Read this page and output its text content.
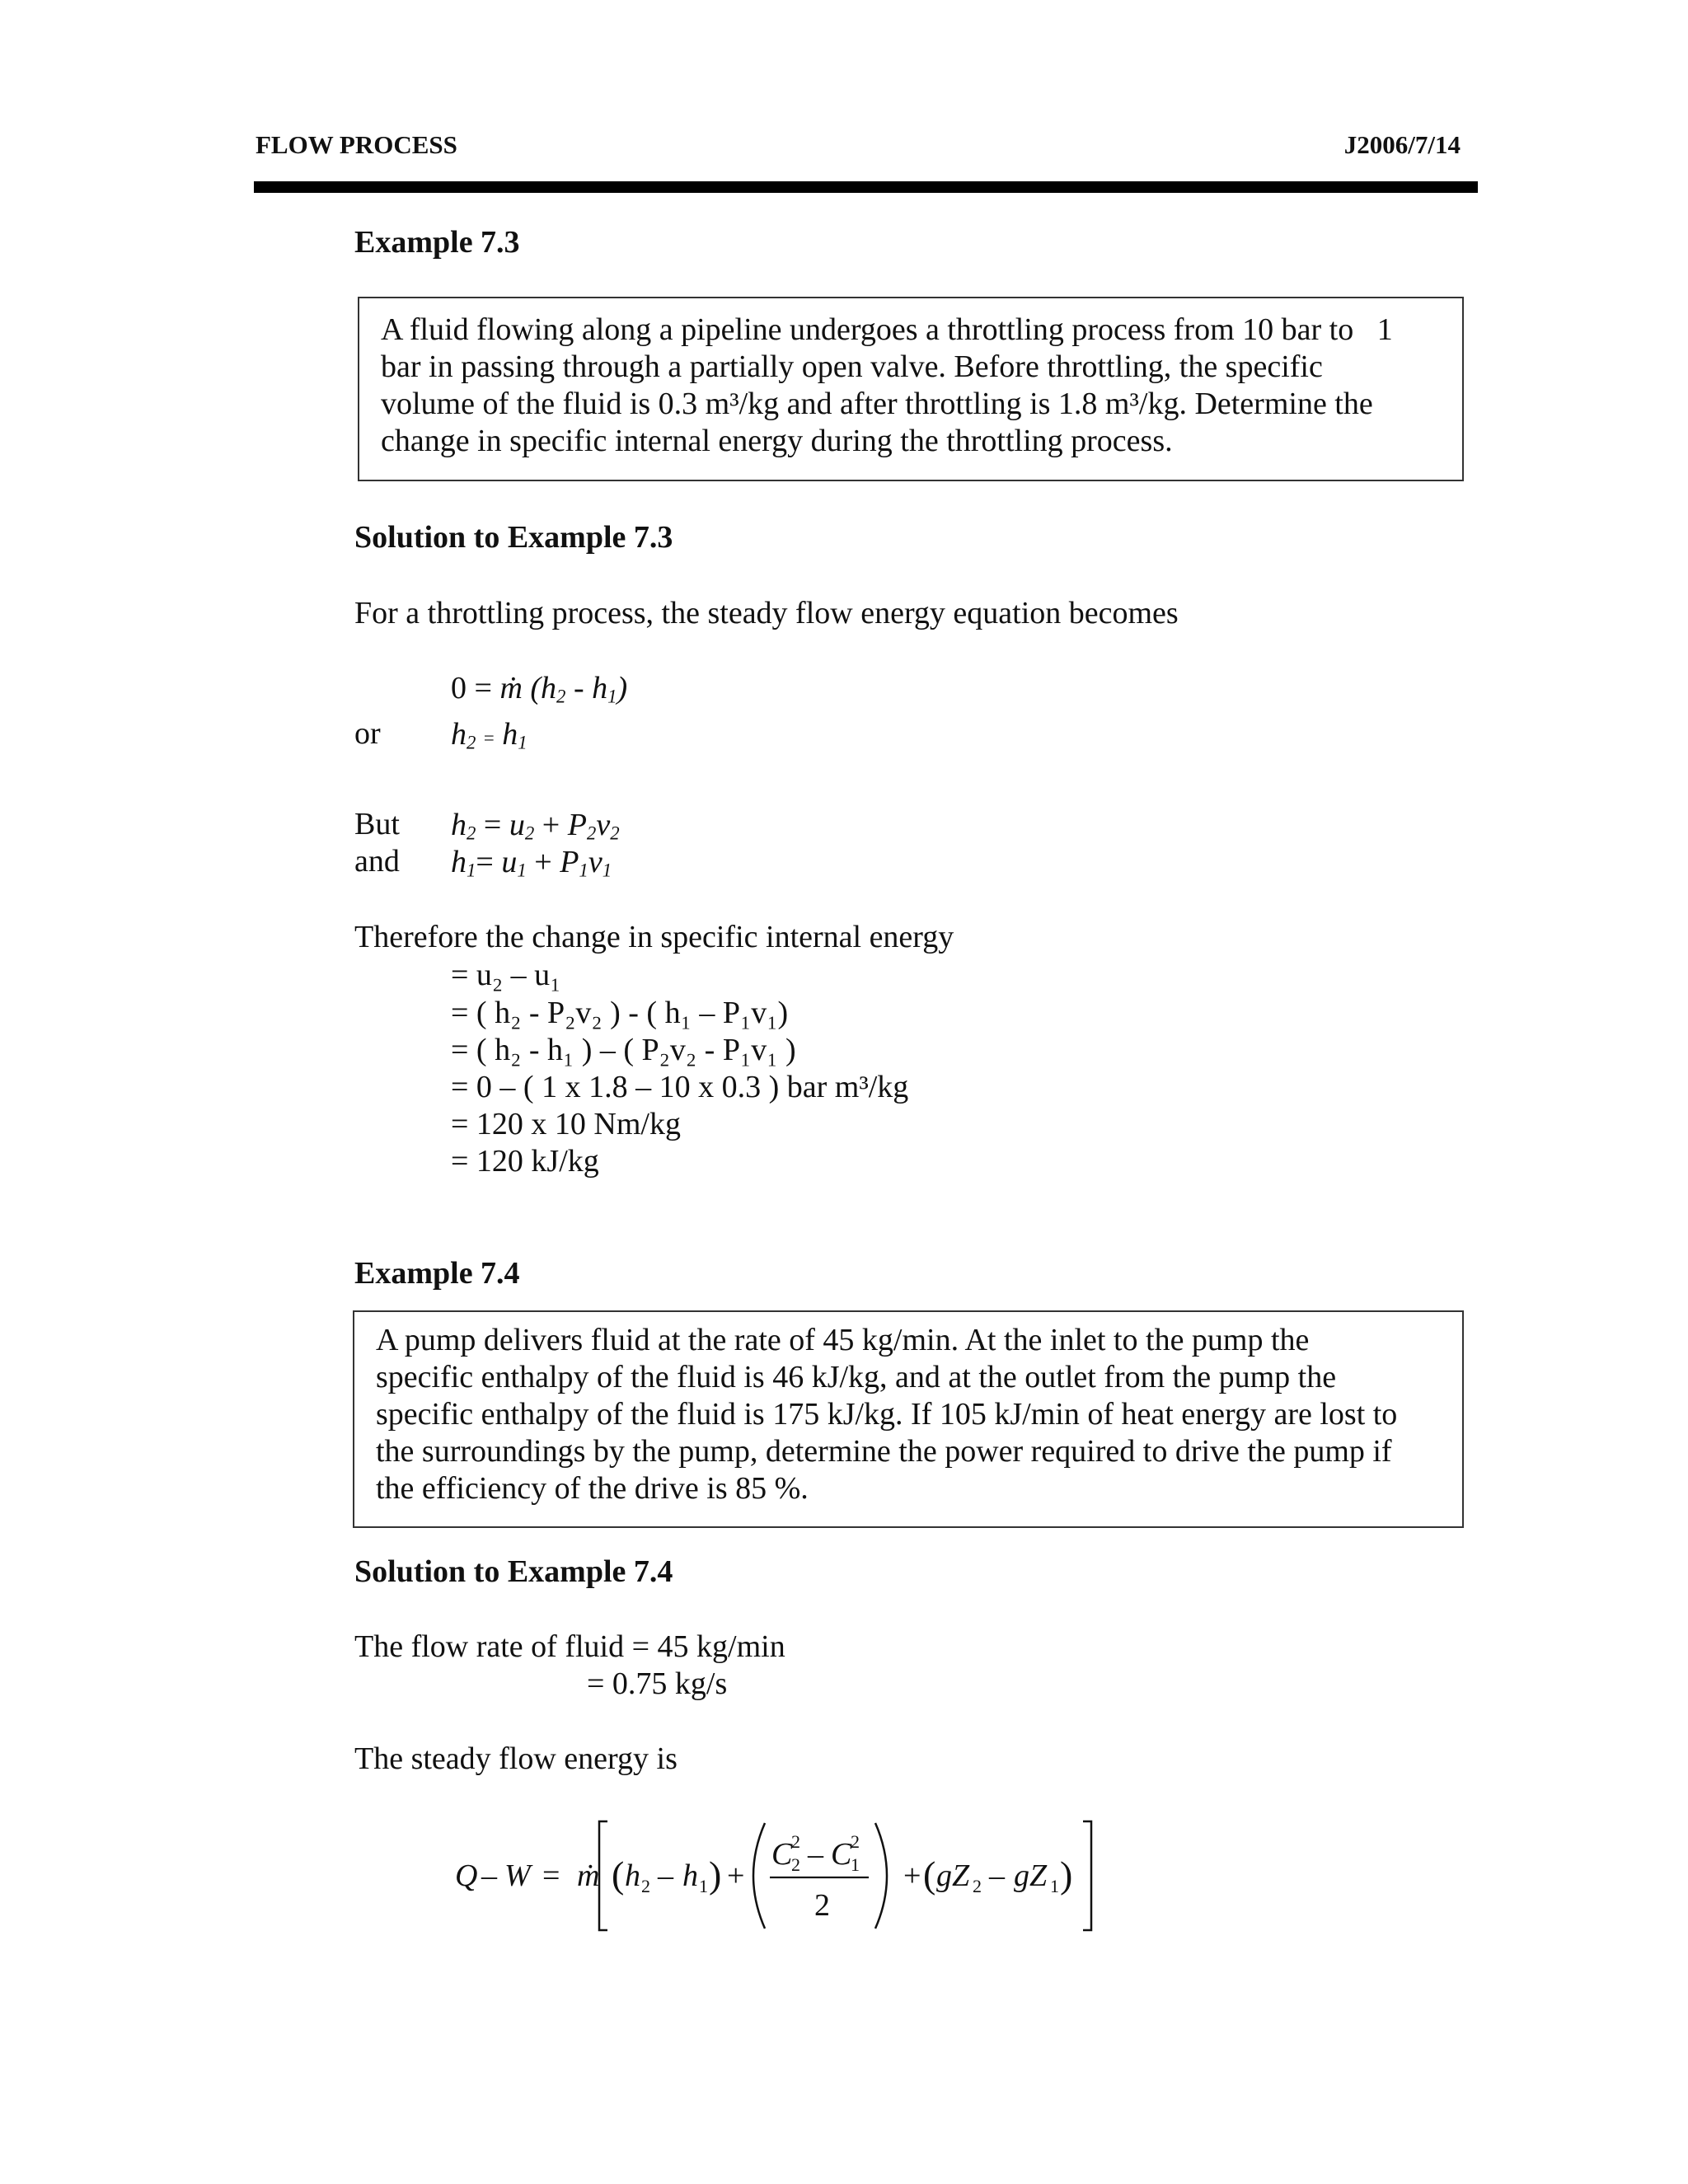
FLOW PROCESS	J2006/7/14
Example 7.3
A fluid flowing along a pipeline undergoes a throttling process from 10 bar to   1
bar in passing through a partially open valve. Before throttling, the specific
volume of the fluid is 0.3 m³/kg and after throttling is 1.8 m³/kg. Determine the
change in specific internal energy during the throttling process.
Solution to Example 7.3
For a throttling process, the steady flow energy equation becomes
0 = ṁ $(h_2 - h_1)$
or $h_2 = h_1$
But $h_2 = u_2 + P_2v_2$
and $h_1= u_1 + P_1v_1$
Therefore the change in specific internal energy
= u₂ – u₁
= ( h₂ - P₂v₂ ) - ( h₁ – P₁v₁)
= ( h₂ - h₁ ) – ( P₂v₂ - P₁v₁ )
= 0 – ( 1 x 1.8 – 10 x 0.3 ) bar m³/kg
= 120 x 10 Nm/kg
= 120 kJ/kg
Example 7.4
A pump delivers fluid at the rate of 45 kg/min. At the inlet to the pump the
specific enthalpy of the fluid is 46 kJ/kg, and at the outlet from the pump the
specific enthalpy of the fluid is 175 kJ/kg. If 105 kJ/min of heat energy are lost to
the surroundings by the pump, determine the power required to drive the pump if
the efficiency of the drive is 85 %.
Solution to Example 7.4
The flow rate of fluid = 45 kg/min
= 0.75 kg/s
The steady flow energy is
Q – W = ṁ ( h 2 – h 1 ) +
C
2
2 – C
2
1
2
+ ( gZ 2 – gZ 1 )
